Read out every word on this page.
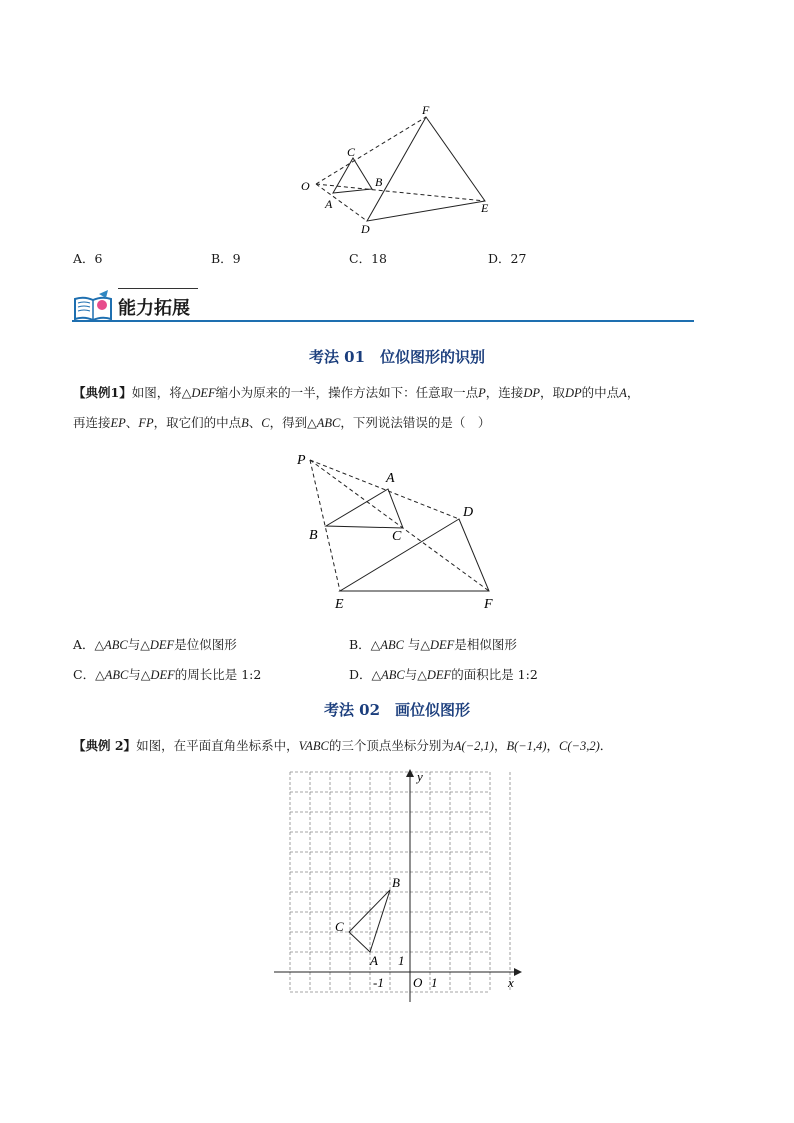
F
C
O	B
A	E
D
A．6	B．9	C．18	D．27
能力拓展
考法 01　位似图形的识别
【典例1】如图，将△DEF缩小为原来的一半，操作方法如下：任意取一点P，连接DP，取DP的中点A，
再连接EP、FP，取它们的中点B、C，得到△ABC，下列说法错误的是（　）
P
A
D
B	C
E	F
A．△ABC与△DEF是位似图形	B．△ABC 与△DEF是相似图形
C．△ABC与△DEF的周长比是 1:2	D．△ABC与△DEF的面积比是 1:2
考法 02　画位似图形
【典例 2】如图，在平面直角坐标系中，VABC的三个顶点坐标分别为A(−2,1)，B(−1,4)，C(−3,2)．
x
y
O
-1	1
1
B
C
A
